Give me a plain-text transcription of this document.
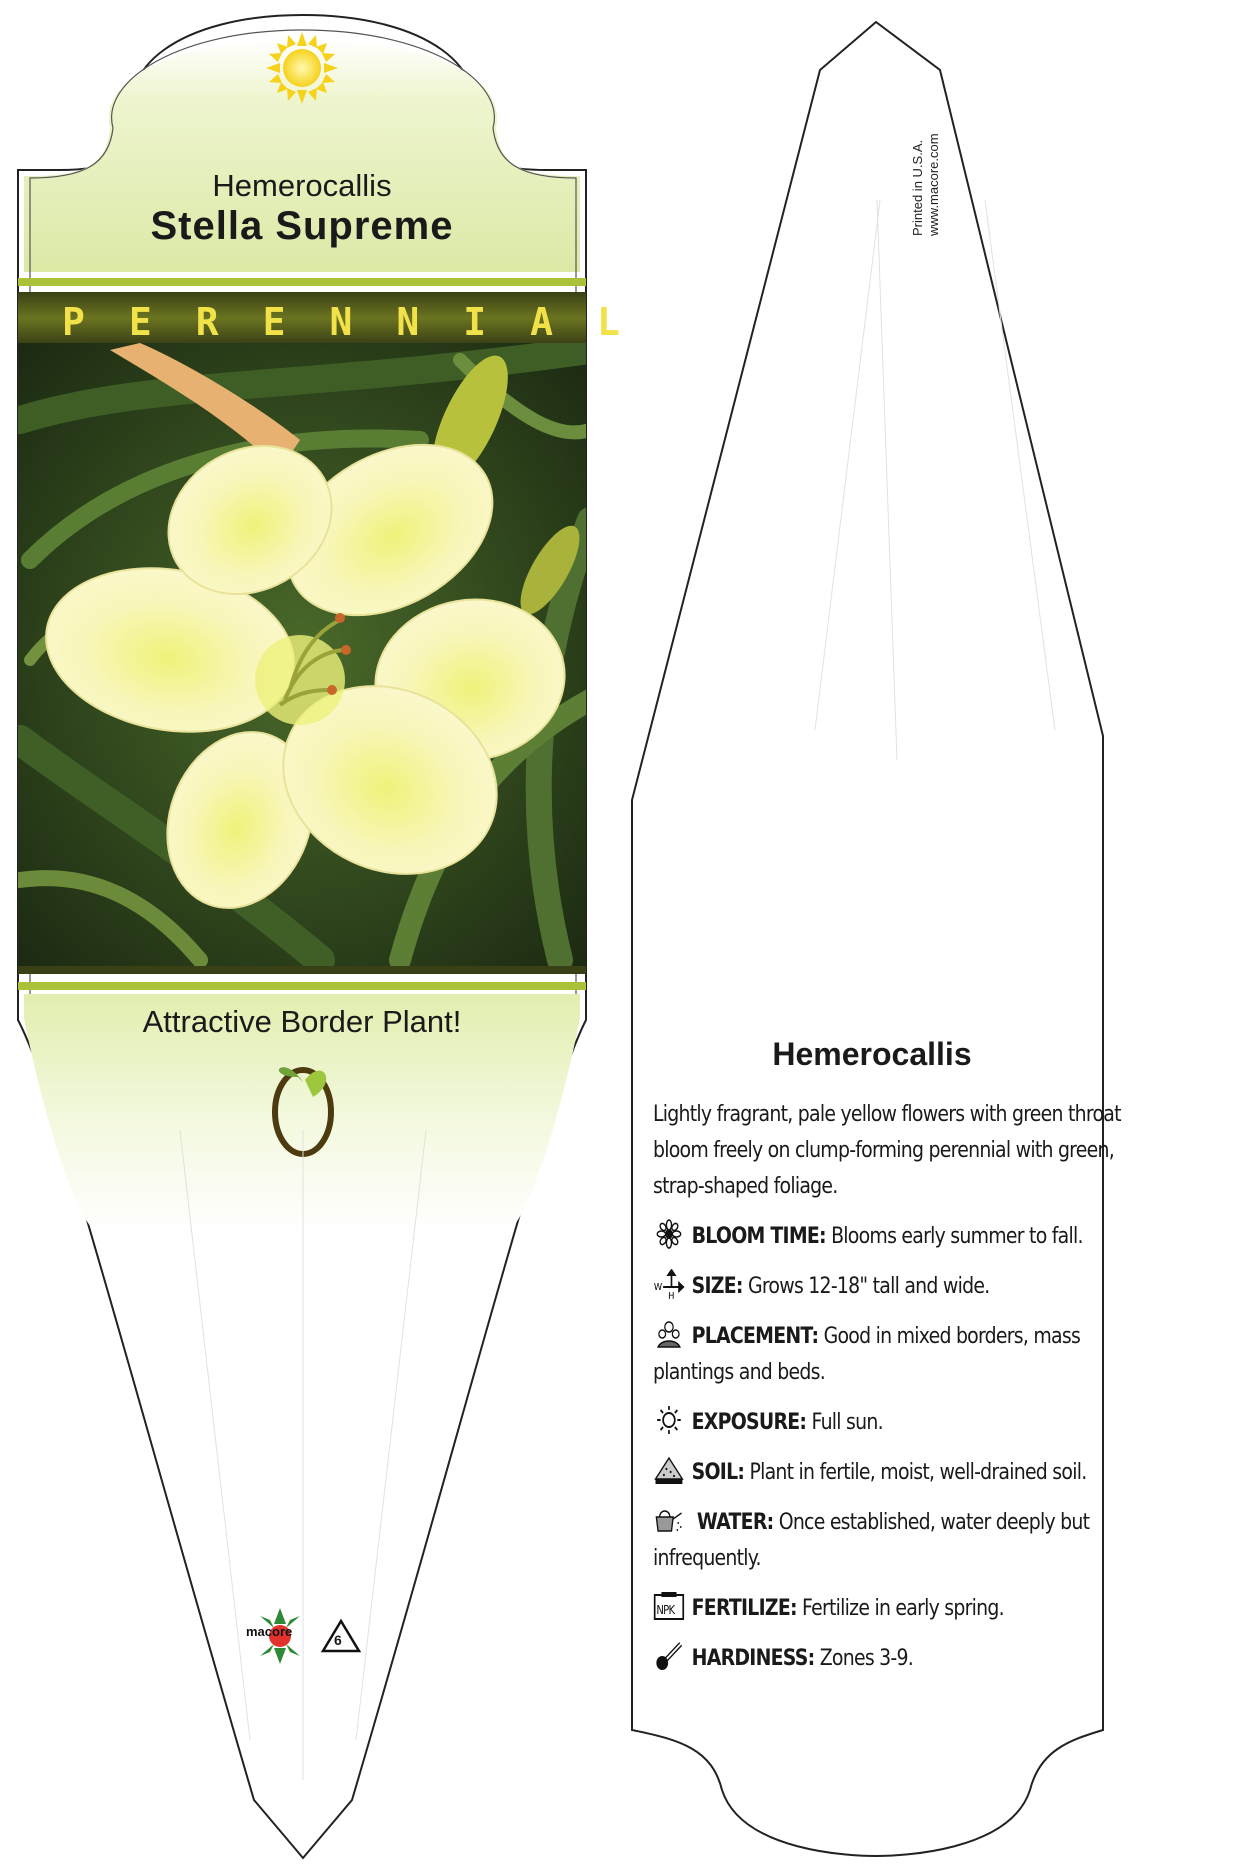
Hemerocallis
Stella Supreme
PERENNIAL
Attractive Border Plant!
macore
6
Printed in U.S.A. www.macore.com
Hemerocallis
Lightly fragrant, pale yellow flowers with green throat
bloom freely on clump-forming perennial with green,
strap-shaped foliage.
BLOOM TIME: Blooms early summer to fall.
W
H SIZE: Grows 12-18" tall and wide.
PLACEMENT: Good in mixed borders, mass
plantings and beds.
EXPOSURE: Full sun.
SOIL: Plant in fertile, moist, well-drained soil.
WATER: Once established, water deeply but
infrequently.
NPK FERTILIZE: Fertilize in early spring.
HARDINESS: Zones 3-9.
